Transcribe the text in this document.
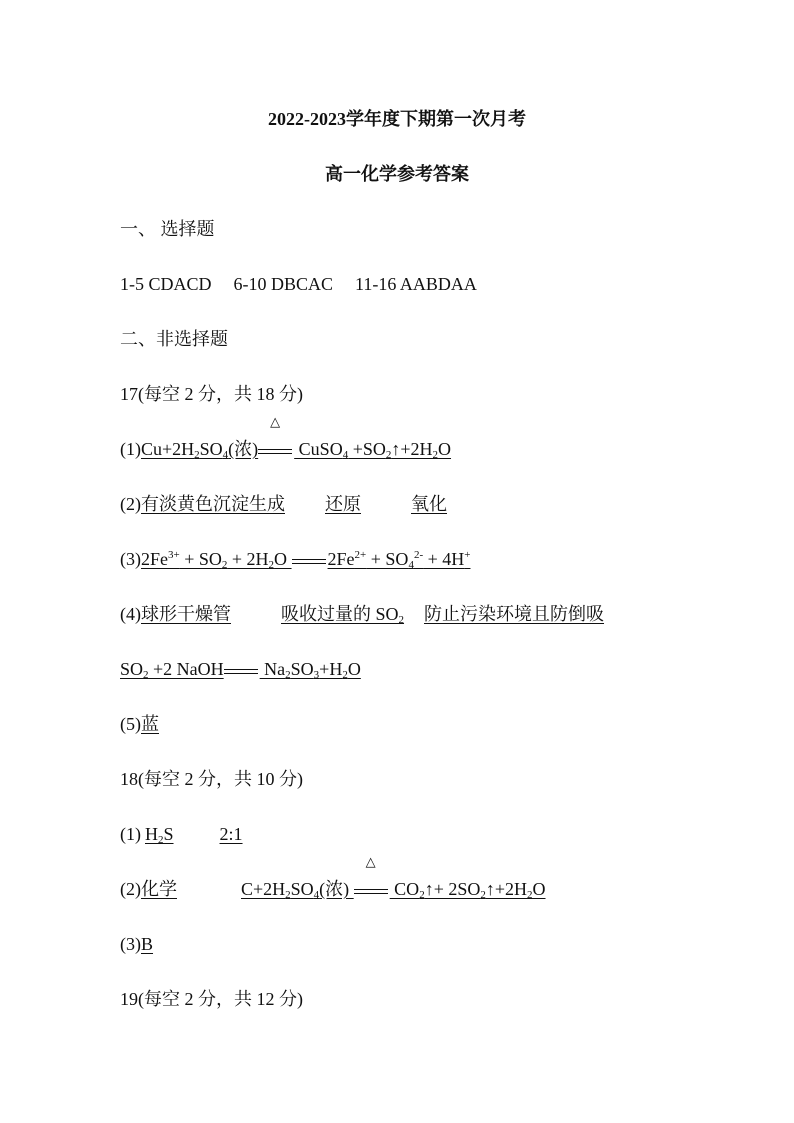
2022-2023学年度下期第一次月考
高一化学参考答案
一、 选择题
1-5 CDACD 6-10 DBCAC 11-16 AABDAA
二、非选择题
17(每空 2 分，共 18 分)
$(1)Cu+2H_2SO_4$(浓)
△
CuSO$_4$ $+SO_2↑+2H_2O$
(2)有淡黄色沉淀生成 还原	氧化
$(3)2Fe^{3+} + SO_2 + 2H_2O$ $2Fe^{2+} + SO_4^{2-} + 4H^+$
(4)球形干燥管	吸收过量的 $SO_2$ 防止污染环境且防倒吸
$SO_2 +2$ NaOH $Na_2SO_3+H_2O$
(5)蓝
18(每空 2 分，共 10 分)
(1) $H_2S$	2:1
(2)化学	$C+2H_2SO_4$(浓)
△
$CO_2↑+$ $2SO_2↑+2H_2O$
(3)B
19(每空 2 分，共 12 分)
